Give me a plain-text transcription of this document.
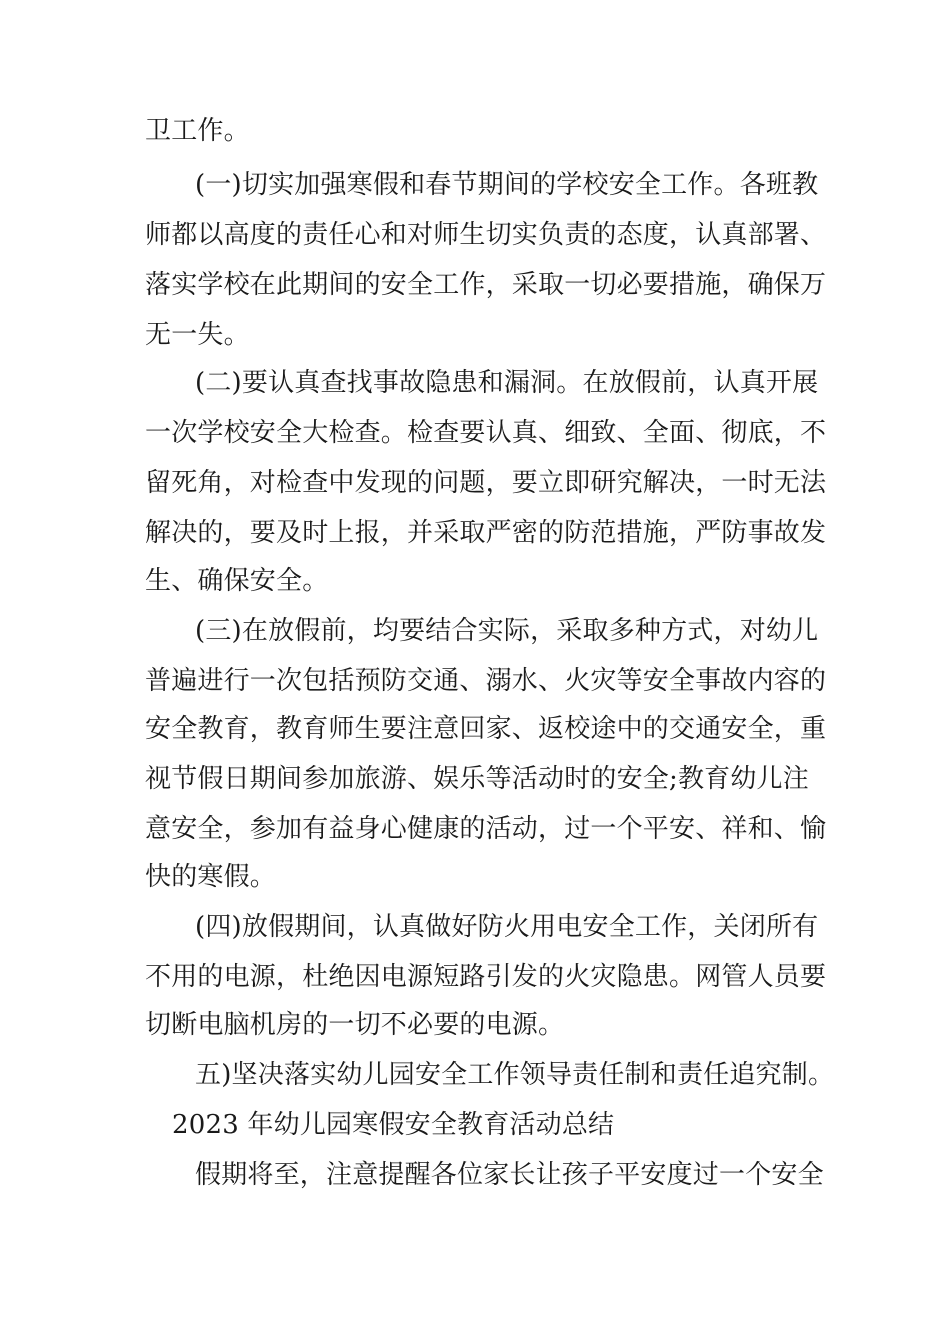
卫工作。
(一)切实加强寒假和春节期间的学校安全工作。各班教
师都以高度的责任心和对师生切实负责的态度，认真部署、
落实学校在此期间的安全工作，采取一切必要措施，确保万
无一失。
(二)要认真查找事故隐患和漏洞。在放假前，认真开展
一次学校安全大检查。检查要认真、细致、全面、彻底，不
留死角，对检查中发现的问题，要立即研究解决，一时无法
解决的，要及时上报，并采取严密的防范措施，严防事故发
生、确保安全。
(三)在放假前，均要结合实际，采取多种方式，对幼儿
普遍进行一次包括预防交通、溺水、火灾等安全事故内容的
安全教育，教育师生要注意回家、返校途中的交通安全，重
视节假日期间参加旅游、娱乐等活动时的安全;教育幼儿注
意安全，参加有益身心健康的活动，过一个平安、祥和、愉
快的寒假。
(四)放假期间，认真做好防火用电安全工作，关闭所有
不用的电源，杜绝因电源短路引发的火灾隐患。网管人员要
切断电脑机房的一切不必要的电源。
五)坚决落实幼儿园安全工作领导责任制和责任追究制。
2023 年幼儿园寒假安全教育活动总结
假期将至，注意提醒各位家长让孩子平安度过一个安全
